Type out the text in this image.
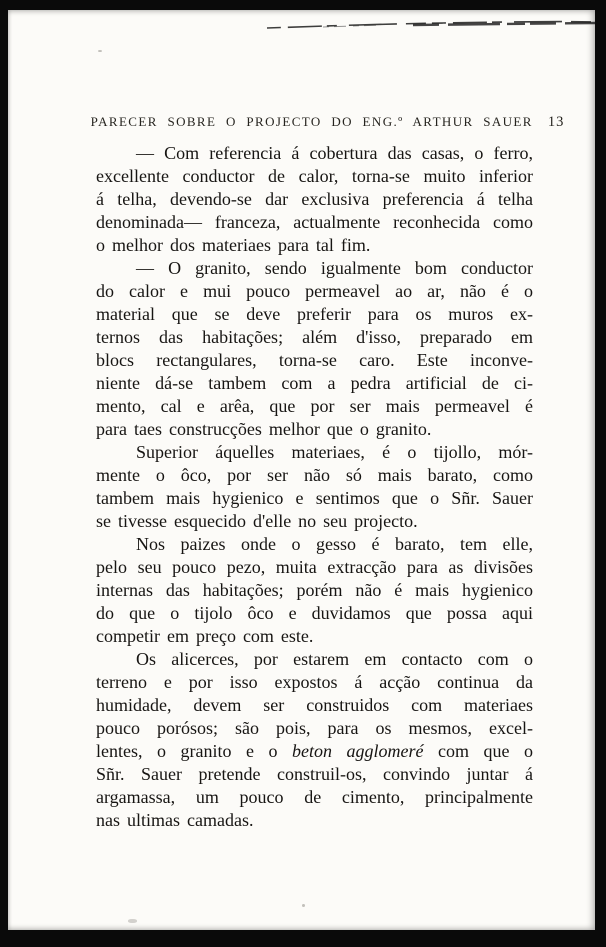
PARECER SOBRE O PROJECTO DO ENG.º ARTHUR SAUER 13
— Com referencia á cobertura das casas, o ferro,
excellente conductor de calor, torna-se muito inferior
á telha, devendo-se dar exclusiva preferencia á telha
denominada— franceza, actualmente reconhecida como
o melhor dos materiaes para tal fim.
— O granito, sendo igualmente bom conductor
do calor e mui pouco permeavel ao ar, não é o
material que se deve preferir para os muros ex-
ternos das habitações; além d'isso, preparado em
blocs rectangulares, torna-se caro. Este inconve-
niente dá-se tambem com a pedra artificial de ci-
mento, cal e arêa, que por ser mais permeavel é
para taes construcções melhor que o granito.
Superior áquelles materiaes, é o tijollo, mór-
mente o ôco, por ser não só mais barato, como
tambem mais hygienico e sentimos que o Sñr. Sauer
se tivesse esquecido d'elle no seu projecto.
Nos paizes onde o gesso é barato, tem elle,
pelo seu pouco pezo, muita extracção para as divisões
internas das habitações; porém não é mais hygienico
do que o tijolo ôco e duvidamos que possa aqui
competir em preço com este.
Os alicerces, por estarem em contacto com o
terreno e por isso expostos á acção continua da
humidade, devem ser construidos com materiaes
pouco porósos; são pois, para os mesmos, excel-
lentes, o granito e o beton agglomeré com que o
Sñr. Sauer pretende construil-os, convindo juntar á
argamassa, um pouco de cimento, principalmente
nas ultimas camadas.
